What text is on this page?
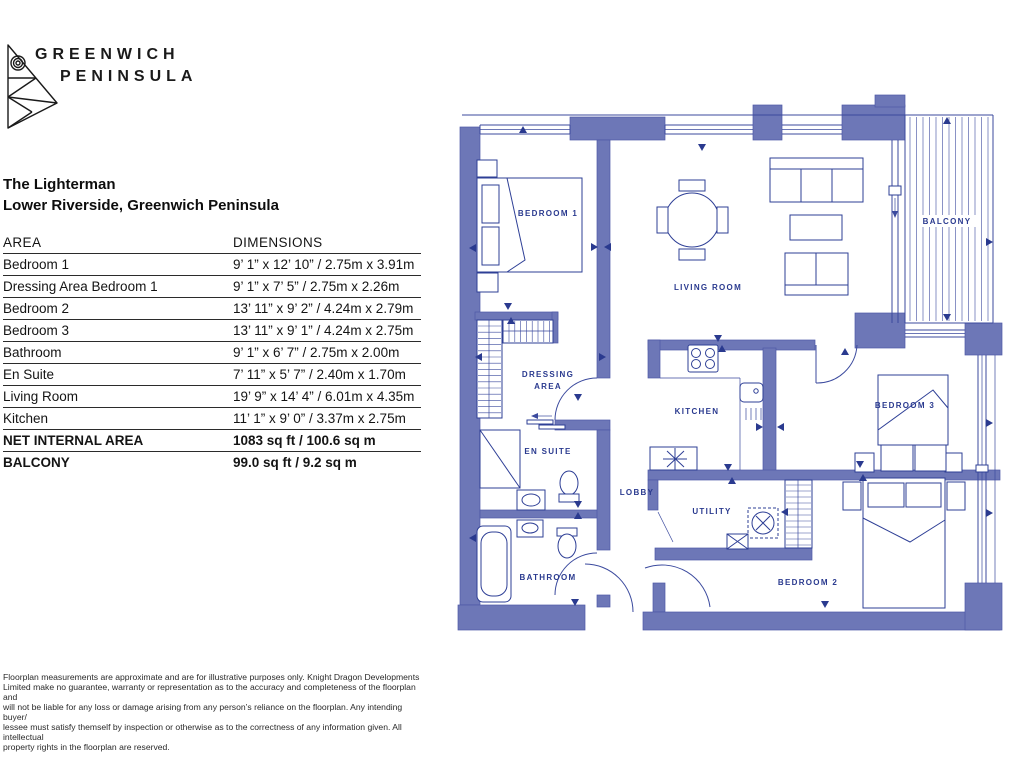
GREENWICH
PENINSULA
The Lighterman
Lower Riverside, Greenwich Peninsula
AREA	DIMENSIONS
Bedroom 1	9’ 1” x 12’ 10” / 2.75m x 3.91m
Dressing Area Bedroom 1	9’ 1” x 7’ 5” / 2.75m x 2.26m
Bedroom 2	13’ 11” x 9’ 2” / 4.24m x 2.79m
Bedroom 3	13’ 11” x 9’ 1” / 4.24m x 2.75m
Bathroom	9’ 1” x 6’ 7” / 2.75m x 2.00m
En Suite	7’ 11” x 5’ 7” / 2.40m x 1.70m
Living Room	19’ 9” x 14’ 4” / 6.01m x 4.35m
Kitchen	11’ 1” x 9’ 0” / 3.37m x 2.75m
NET INTERNAL AREA	1083 sq ft / 100.6 sq m
BALCONY	99.0 sq ft / 9.2 sq m
BEDROOM 1
LIVING ROOM
BALCONY
DRESSING
AREA
EN SUITE
LOBBY
KITCHEN
UTILITY
BATHROOM
BEDROOM 3
BEDROOM 2
Floorplan measurements are approximate and are for illustrative purposes only. Knight Dragon Developments
Limited make no guarantee, warranty or representation as to the accuracy and completeness of the floorplan and
will not be liable for any loss or damage arising from any person’s reliance on the floorplan. Any intending buyer/
lessee must satisfy themself by inspection or otherwise as to the correctness of any information given. All intellectual
property rights in the floorplan are reserved.
